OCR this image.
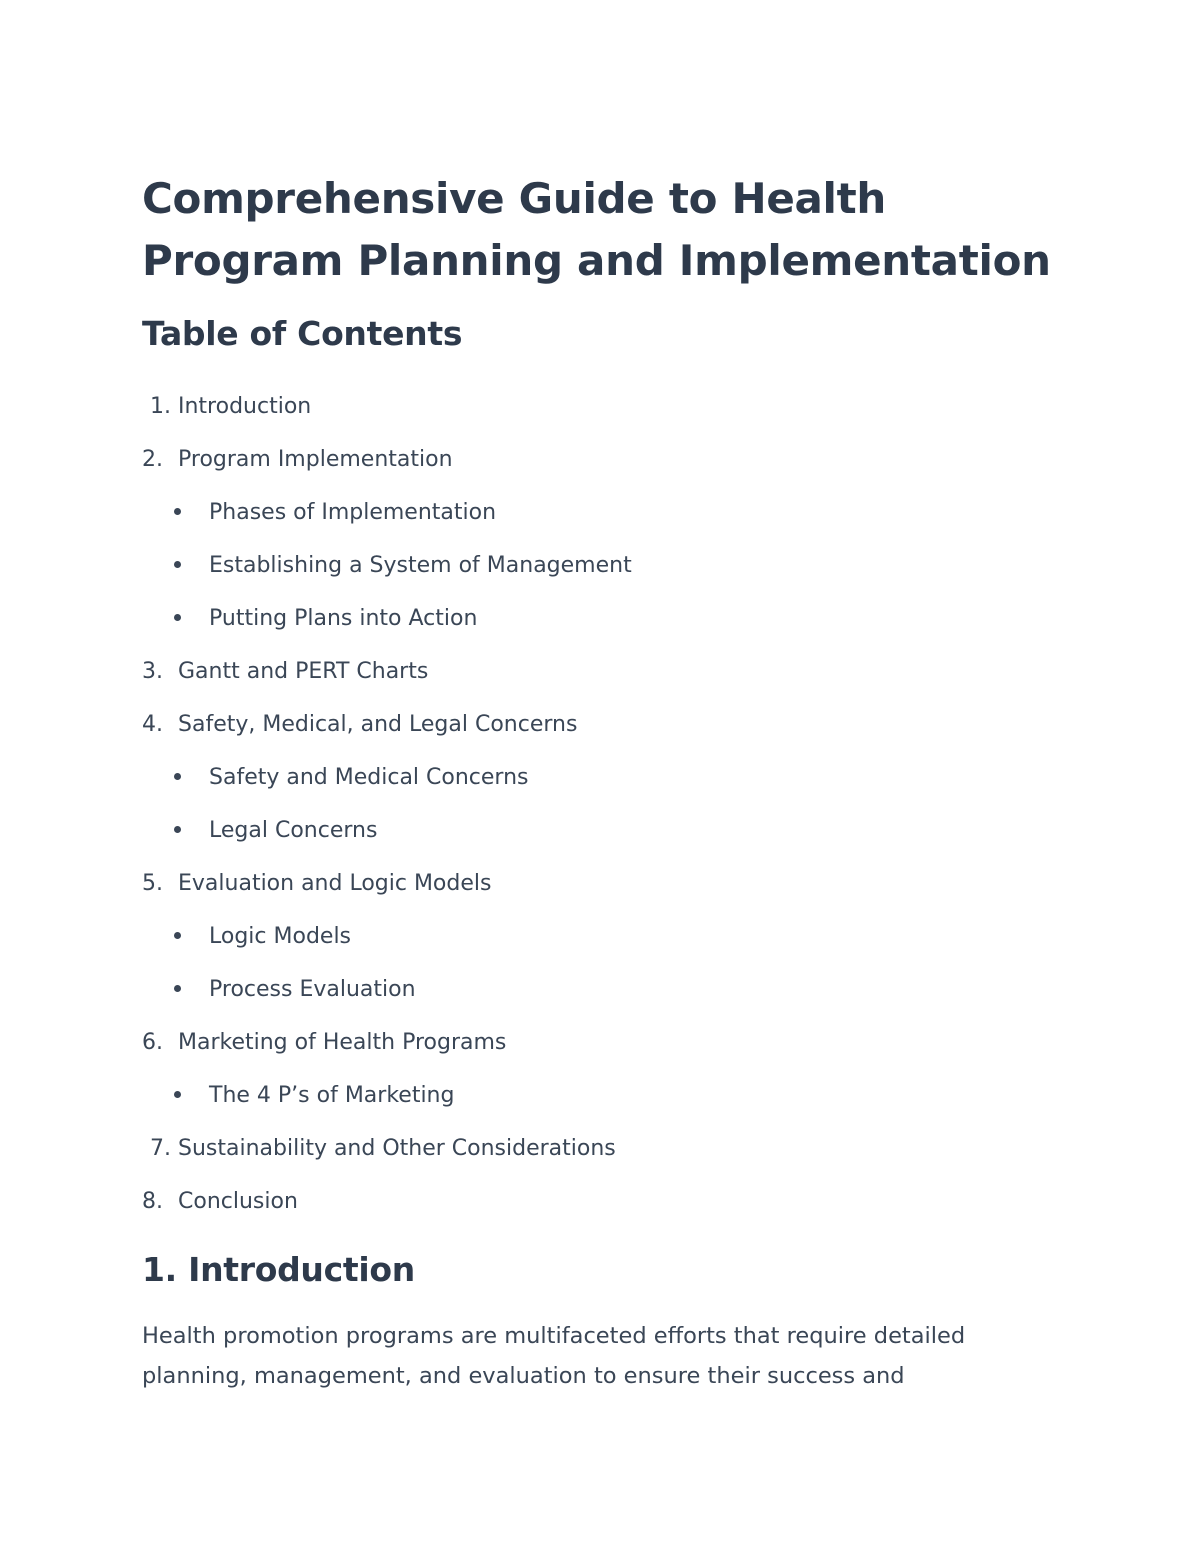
Comprehensive Guide to Health
Program Planning and Implementation
Table of Contents
1. Introduction
2. Program Implementation
Phases of Implementation
Establishing a System of Management
Putting Plans into Action
3. Gantt and PERT Charts
4. Safety, Medical, and Legal Concerns
Safety and Medical Concerns
Legal Concerns
5. Evaluation and Logic Models
Logic Models
Process Evaluation
6. Marketing of Health Programs
The 4 P’s of Marketing
7. Sustainability and Other Considerations
8. Conclusion
1. Introduction

Health promotion programs are multifaceted efforts that require detailed
planning, management, and evaluation to ensure their success and
